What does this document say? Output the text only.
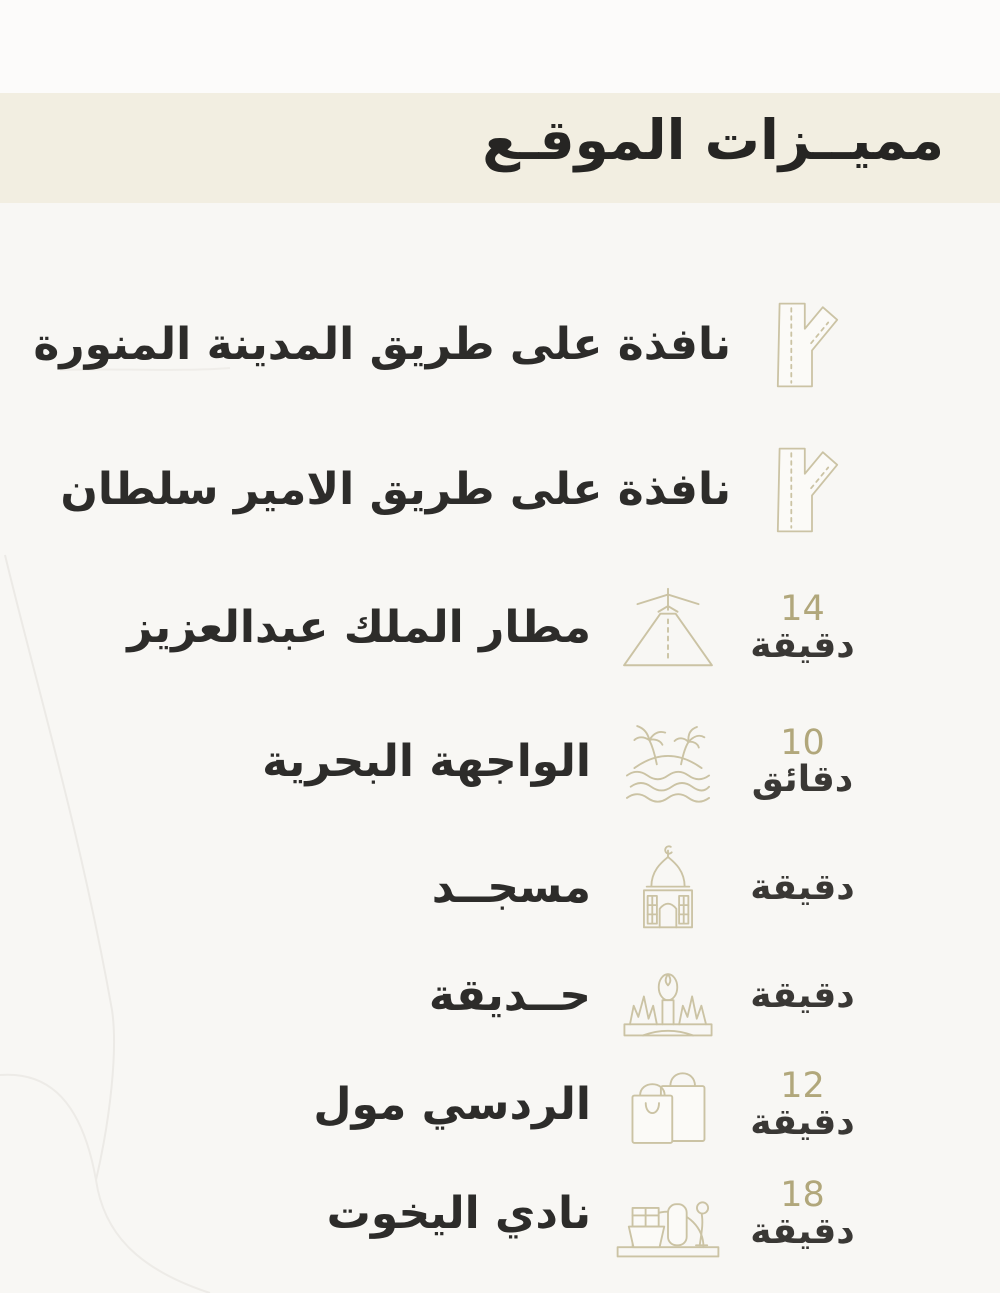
مميــزات الموقـع
نافذة على طريق المدينة المنورة
نافذة على طريق الامير سلطان
14
دقيقة
مطار الملك عبدالعزيز
10
دقائق
الواجهة البحرية
دقيقة
مسجــد
دقيقة
حــديقة
12
دقيقة
الردسي مول
18
دقيقة
نادي اليخوت
